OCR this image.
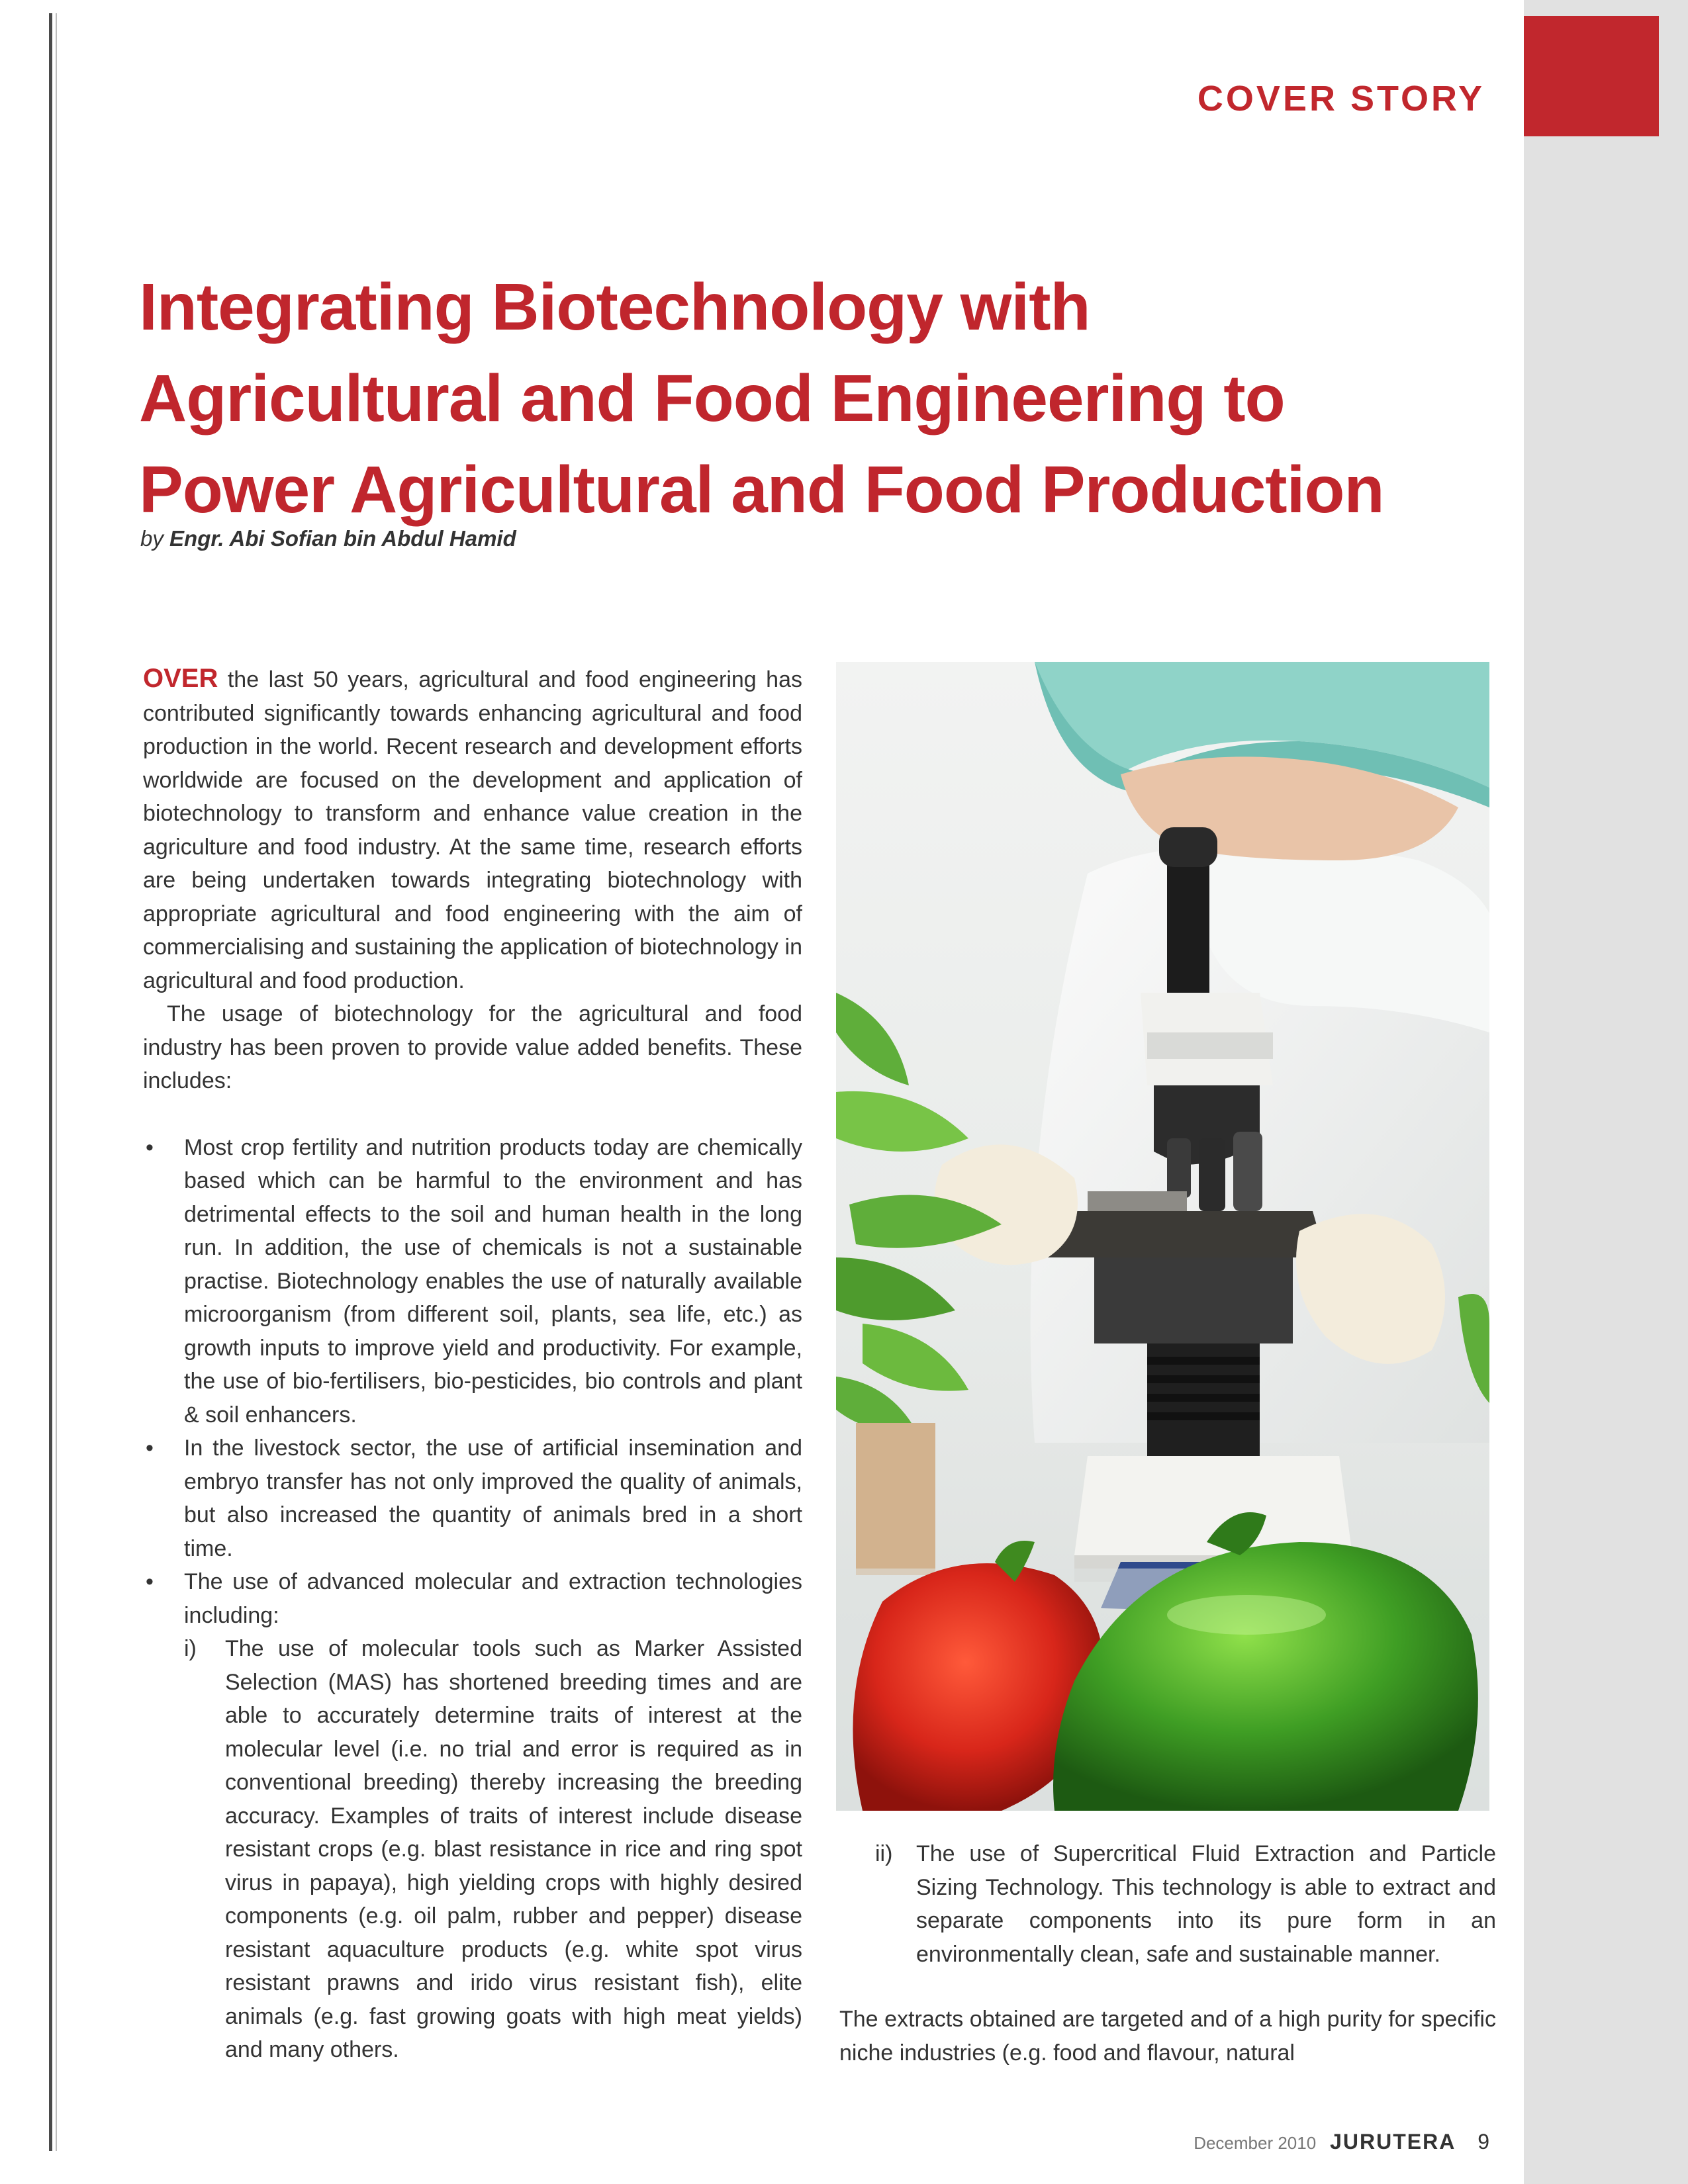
COVER STORY
Integrating Biotechnology with
Agricultural and Food Engineering to
Power Agricultural and Food Production
by Engr. Abi Sofian bin Abdul Hamid

OVER the last 50 years, agricultural and food engineering has contributed significantly towards enhancing agricultural and food production in the world. Recent research and development efforts worldwide are focused on the development and application of biotechnology to transform and enhance value creation in the agriculture and food industry. At the same time, research efforts are being undertaken towards integrating biotechnology with appropriate agricultural and food engineering with the aim of commercialising and sustaining the application of biotechnology in agricultural and food production.

The usage of biotechnology for the agricultural and food industry has been proven to provide value added benefits. These includes:

• Most crop fertility and nutrition products today are chemically based which can be harmful to the environment and has detrimental effects to the soil and human health in the long run. In addition, the use of chemicals is not a sustainable practise. Biotechnology enables the use of naturally available microorganism (from different soil, plants, sea life, etc.) as growth inputs to improve yield and productivity. For example, the use of bio-fertilisers, bio-pesticides, bio controls and plant & soil enhancers.
• In the livestock sector, the use of artificial insemination and embryo transfer has not only improved the quality of animals, but also increased the quantity of animals bred in a short time.
• The use of advanced molecular and extraction technologies including:
i) The use of molecular tools such as Marker Assisted Selection (MAS) has shortened breeding times and are able to accurately determine traits of interest at the molecular level (i.e. no trial and error is required as in conventional breeding) thereby increasing the breeding accuracy. Examples of traits of interest include disease resistant crops (e.g. blast resistance in rice and ring spot virus in papaya), high yielding crops with highly desired components (e.g. oil palm, rubber and pepper) disease resistant aquaculture products (e.g. white spot virus resistant prawns and irido virus resistant fish), elite animals (e.g. fast growing goats with high meat yields) and many others.
ii) The use of Supercritical Fluid Extraction and Particle Sizing Technology. This technology is able to extract and separate components into its pure form in an environmentally clean, safe and sustainable manner.

The extracts obtained are targeted and of a high purity for specific niche industries (e.g. food and flavour, natural

December 2010 JURUTERA 9
